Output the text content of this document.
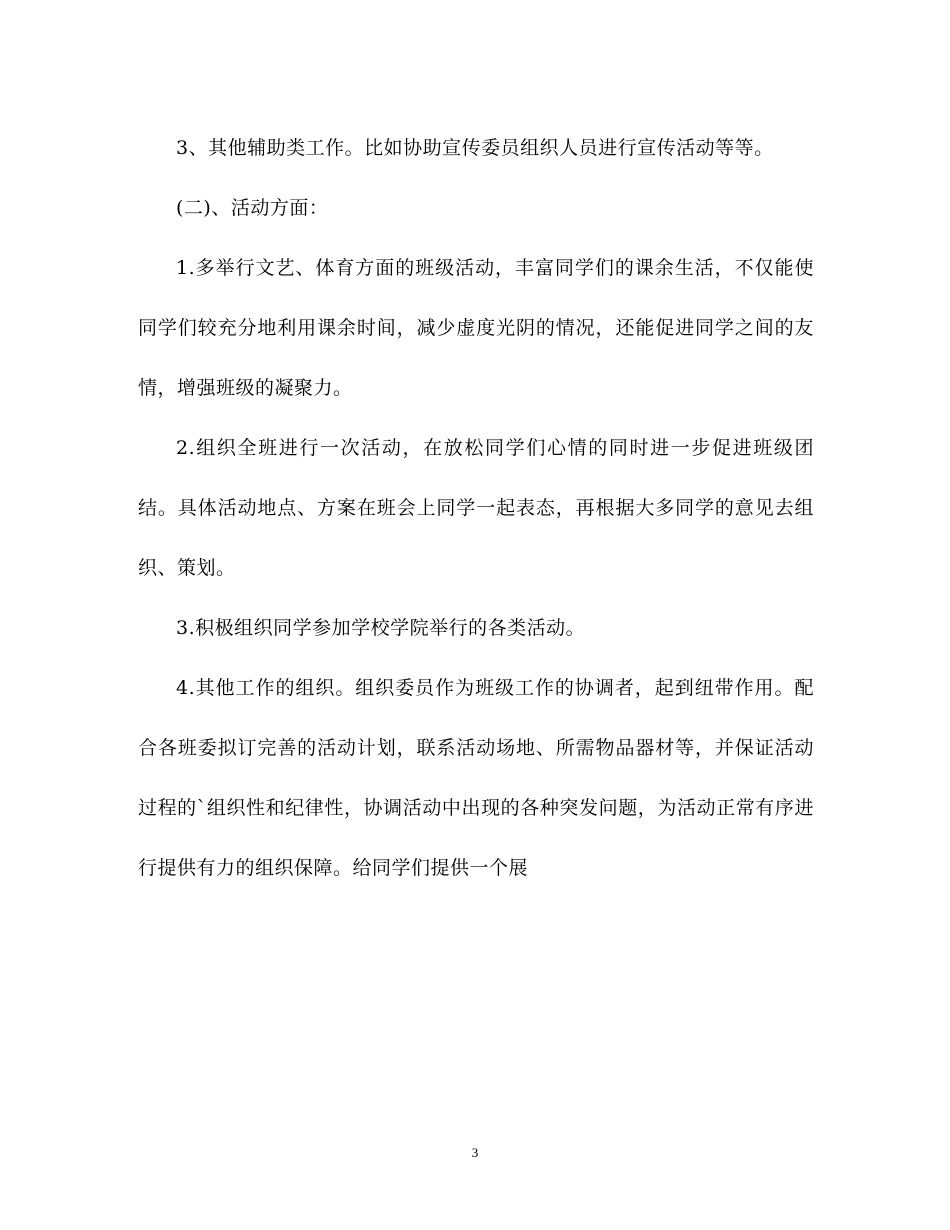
3、其他辅助类工作。比如协助宣传委员组织人员进行宣传活动等等。

(二)、活动方面：

1.多举行文艺、体育方面的班级活动，丰富同学们的课余生活，不仅能使同学们较充分地利用课余时间，减少虚度光阴的情况，还能促进同学之间的友情，增强班级的凝聚力。

2.组织全班进行一次活动，在放松同学们心情的同时进一步促进班级团结。具体活动地点、方案在班会上同学一起表态，再根据大多同学的意见去组织、策划。

3.积极组织同学参加学校学院举行的各类活动。

4.其他工作的组织。组织委员作为班级工作的协调者，起到纽带作用。配合各班委拟订完善的活动计划，联系活动场地、所需物品器材等，并保证活动过程的`组织性和纪律性，协调活动中出现的各种突发问题，为活动正常有序进行提供有力的组织保障。给同学们提供一个展

3
